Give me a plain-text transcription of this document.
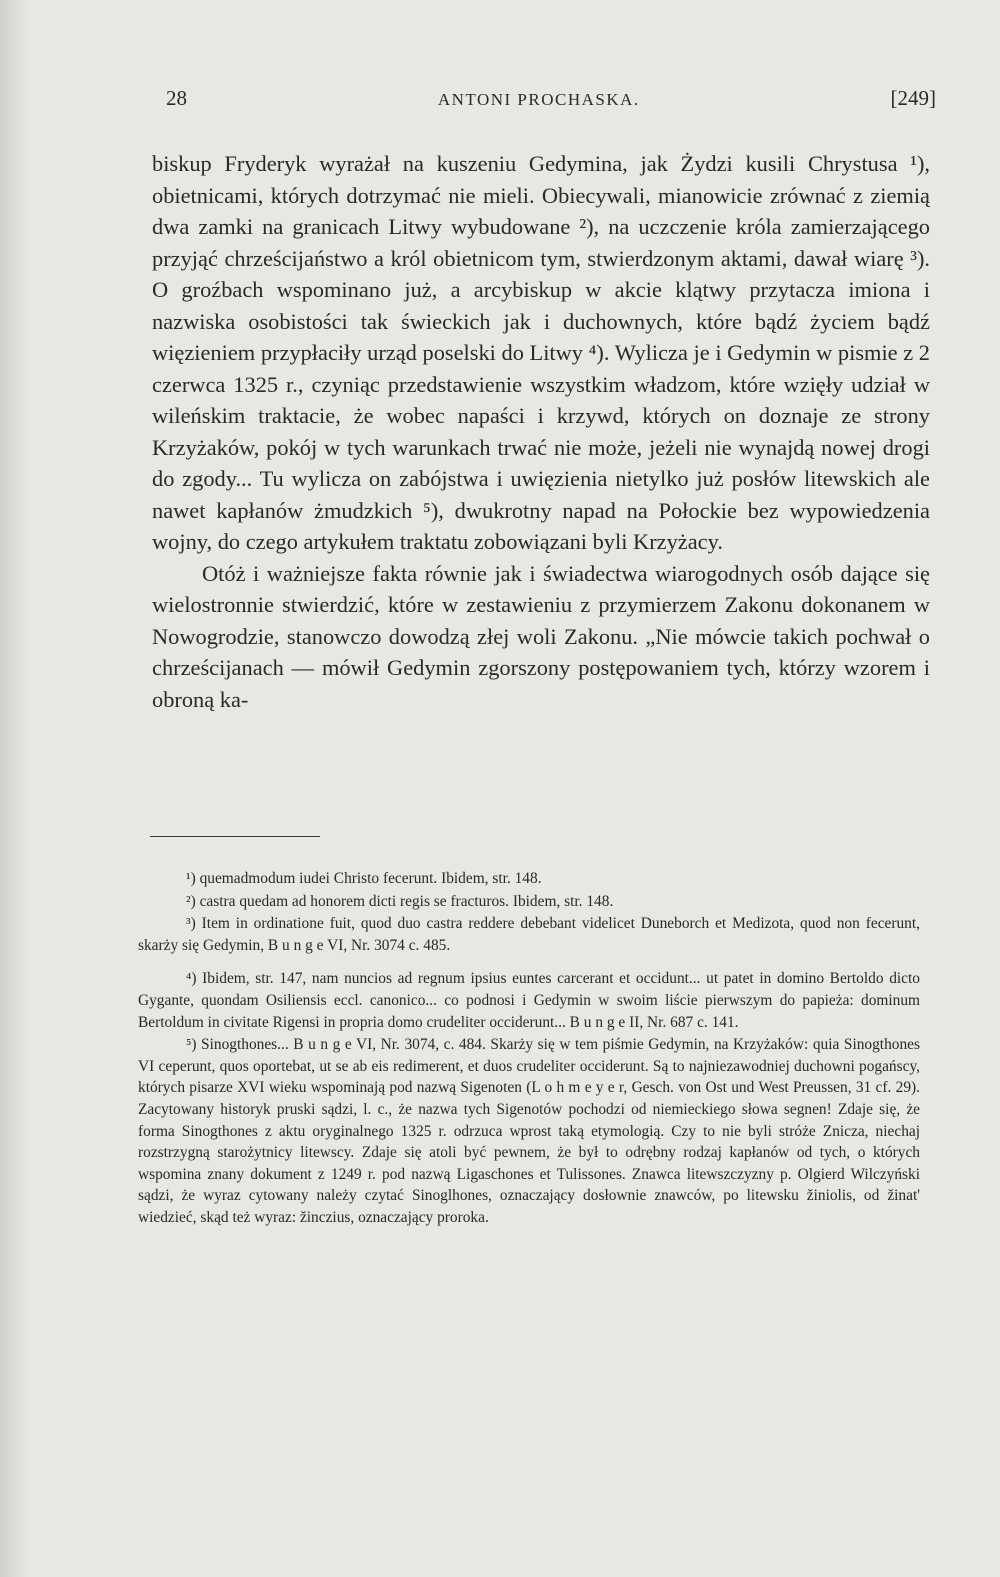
28	ANTONI PROCHASKA.	[249]

biskup Fryderyk wyrażał na kuszeniu Gedymina, jak Żydzi kusili Chrystusa ¹), obietnicami, których dotrzymać nie mieli. Obiecywali, mianowicie zrównać z ziemią dwa zamki na granicach Litwy wybudowane ²), na uczczenie króla zamierzającego przyjąć chrześcijaństwo a król obietnicom tym, stwierdzonym aktami, dawał wiarę ³). O groźbach wspominano już, a arcybiskup w akcie klątwy przytacza imiona i nazwiska osobistości tak świeckich jak i duchownych, które bądź życiem bądź więzieniem przypłaciły urząd poselski do Litwy ⁴). Wylicza je i Gedymin w pismie z 2 czerwca 1325 r., czyniąc przedstawienie wszystkim władzom, które wzięły udział w wileńskim traktacie, że wobec napaści i krzywd, których on doznaje ze strony Krzyżaków, pokój w tych warunkach trwać nie może, jeżeli nie wynajdą nowej drogi do zgody... Tu wylicza on zabójstwa i uwięzienia nietylko już posłów litewskich ale nawet kapłanów żmudzkich ⁵), dwukrotny napad na Połockie bez wypowiedzenia wojny, do czego artykułem traktatu zobowiązani byli Krzyżacy.

Otóż i ważniejsze fakta równie jak i świadectwa wiarogodnych osób dające się wielostronnie stwierdzić, które w zestawieniu z przymierzem Zakonu dokonanem w Nowogrodzie, stanowczo dowodzą złej woli Zakonu. „Nie mówcie takich pochwał o chrześcijanach — mówił Gedymin zgorszony postępowaniem tych, którzy wzorem i obroną ka-

¹) quemadmodum iudei Christo fecerunt. Ibidem, str. 148.

²) castra quedam ad honorem dicti regis se fracturos. Ibidem, str. 148.

³) Item in ordinatione fuit, quod duo castra reddere debebant videlicet Duneborch et Medizota, quod non fecerunt, skarży się Gedymin, B u n g e VI, Nr. 3074 c. 485.

⁴) Ibidem, str. 147, nam nuncios ad regnum ipsius euntes carcerant et occidunt... ut patet in domino Bertoldo dicto Gygante, quondam Osiliensis eccl. canonico... co podnosi i Gedymin w swoim liście pierwszym do papieża: dominum Bertoldum in civitate Rigensi in propria domo crudeliter occiderunt... B u n g e II, Nr. 687 c. 141.

⁵) Sinogthones... B u n g e VI, Nr. 3074, c. 484. Skarży się w tem piśmie Gedymin, na Krzyżaków: quia Sinogthones VI ceperunt, quos oportebat, ut se ab eis redimerent, et duos crudeliter occiderunt. Są to najniezawodniej duchowni pogańscy, których pisarze XVI wieku wspominają pod nazwą Sigenoten (L o h m e y e r, Gesch. von Ost und West Preussen, 31 cf. 29). Zacytowany historyk pruski sądzi, l. c., że nazwa tych Sigenotów pochodzi od niemieckiego słowa segnen! Zdaje się, że forma Sinogthones z aktu oryginalnego 1325 r. odrzuca wprost taką etymologią. Czy to nie byli stróże Znicza, niechaj rozstrzygną starożytnicy litewscy. Zdaje się atoli być pewnem, że był to odrębny rodzaj kapłanów od tych, o których wspomina znany dokument z 1249 r. pod nazwą Ligaschones et Tulissones. Znawca litewszczyzny p. Olgierd Wilczyński sądzi, że wyraz cytowany należy czytać Sinoglhones, oznaczający dosłownie znawców, po litewsku žiniolis, od žinat' wiedzieć, skąd też wyraz: žinczius, oznaczający proroka.
